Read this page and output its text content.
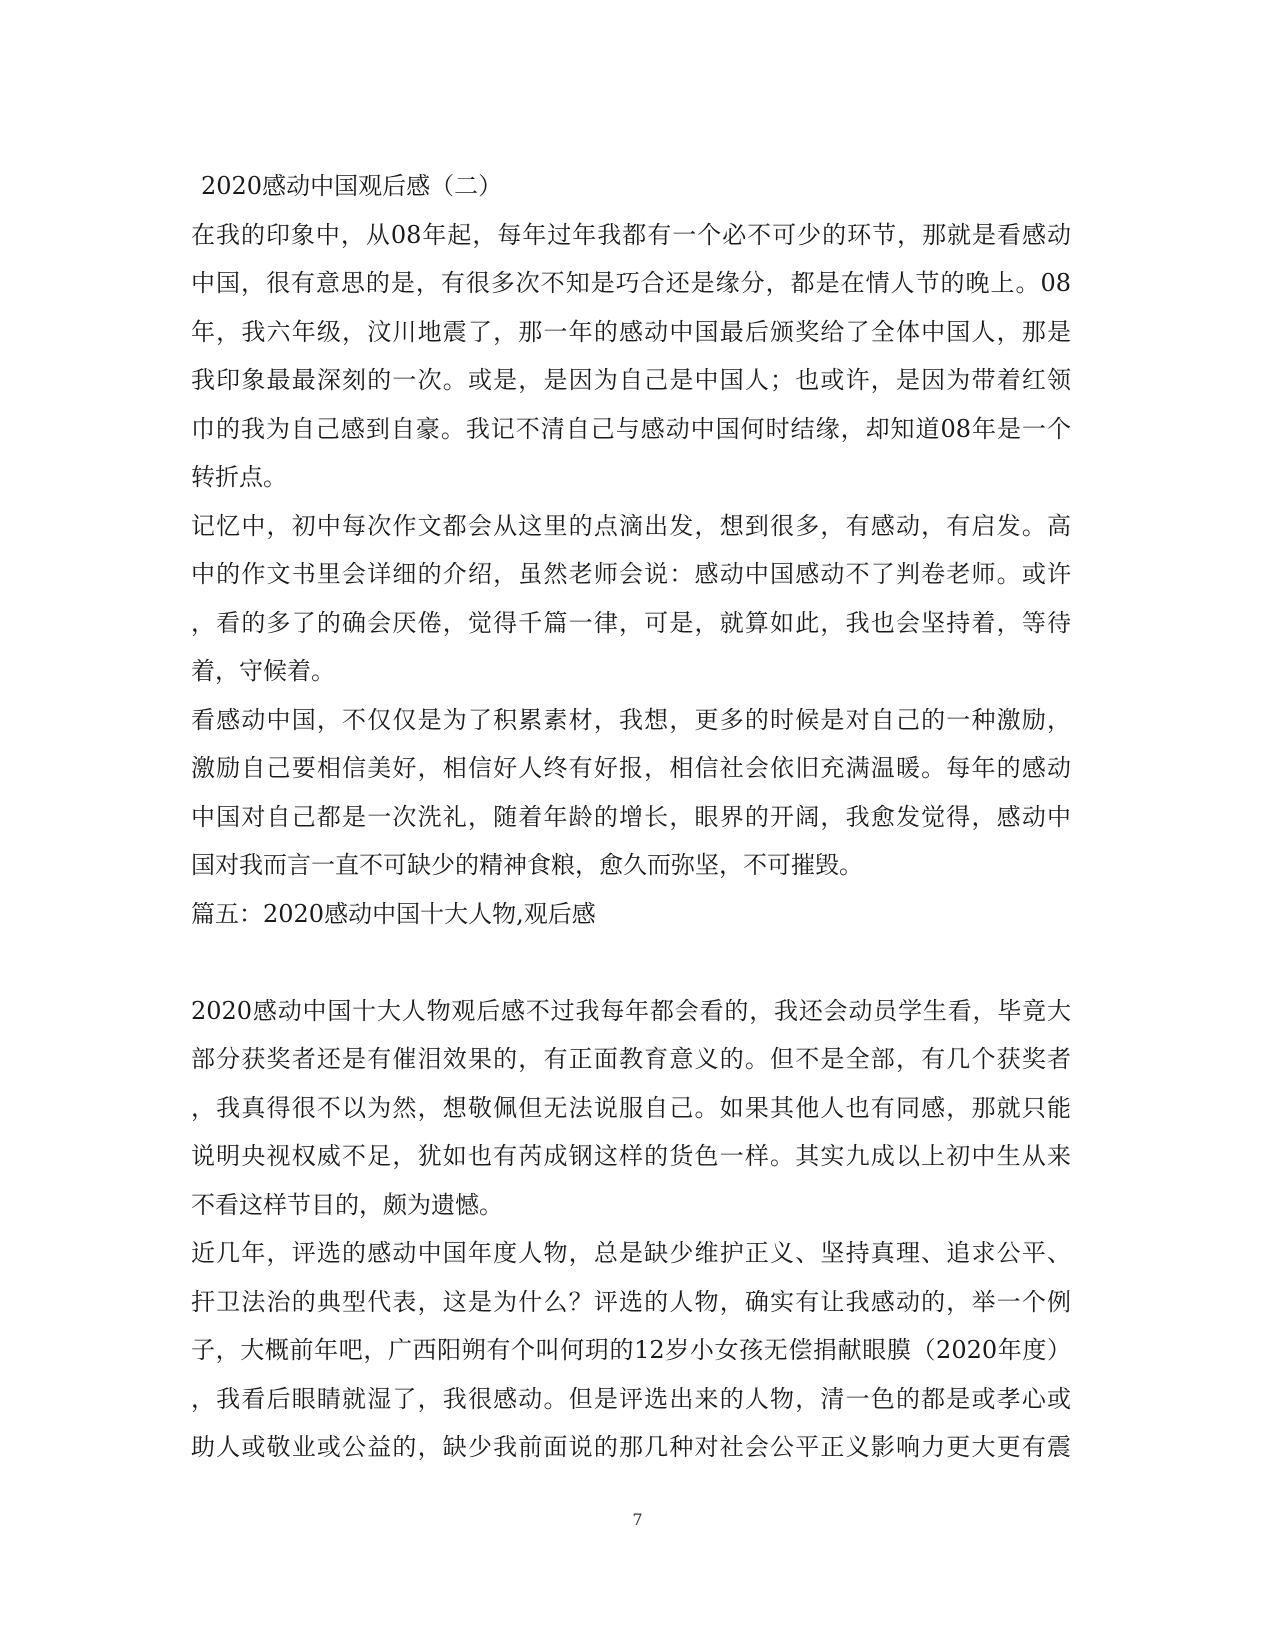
2020感动中国观后感（二）
在我的印象中，从08年起，每年过年我都有一个必不可少的环节，那就是看感动
中国，很有意思的是，有很多次不知是巧合还是缘分，都是在情人节的晚上。08
年，我六年级，汶川地震了，那一年的感动中国最后颁奖给了全体中国人，那是
我印象最最深刻的一次。或是，是因为自己是中国人；也或许，是因为带着红领
巾的我为自己感到自豪。我记不清自己与感动中国何时结缘，却知道08年是一个
转折点。
记忆中，初中每次作文都会从这里的点滴出发，想到很多，有感动，有启发。高
中的作文书里会详细的介绍，虽然老师会说：感动中国感动不了判卷老师。或许
，看的多了的确会厌倦，觉得千篇一律，可是，就算如此，我也会坚持着，等待
着，守候着。
看感动中国，不仅仅是为了积累素材，我想，更多的时候是对自己的一种激励，
激励自己要相信美好，相信好人终有好报，相信社会依旧充满温暖。每年的感动
中国对自己都是一次洗礼，随着年龄的增长，眼界的开阔，我愈发觉得，感动中
国对我而言一直不可缺少的精神食粮，愈久而弥坚，不可摧毁。
篇五：2020感动中国十大人物,观后感
2020感动中国十大人物观后感不过我每年都会看的，我还会动员学生看，毕竟大
部分获奖者还是有催泪效果的，有正面教育意义的。但不是全部，有几个获奖者
，我真得很不以为然，想敬佩但无法说服自己。如果其他人也有同感，那就只能
说明央视权威不足，犹如也有芮成钢这样的货色一样。其实九成以上初中生从来
不看这样节目的，颇为遗憾。
近几年，评选的感动中国年度人物，总是缺少维护正义、坚持真理、追求公平、
扞卫法治的典型代表，这是为什么？评选的人物，确实有让我感动的，举一个例
子，大概前年吧，广西阳朔有个叫何玥的12岁小女孩无偿捐献眼膜（2020年度）
，我看后眼睛就湿了，我很感动。但是评选出来的人物，清一色的都是或孝心或
助人或敬业或公益的，缺少我前面说的那几种对社会公平正义影响力更大更有震
7
